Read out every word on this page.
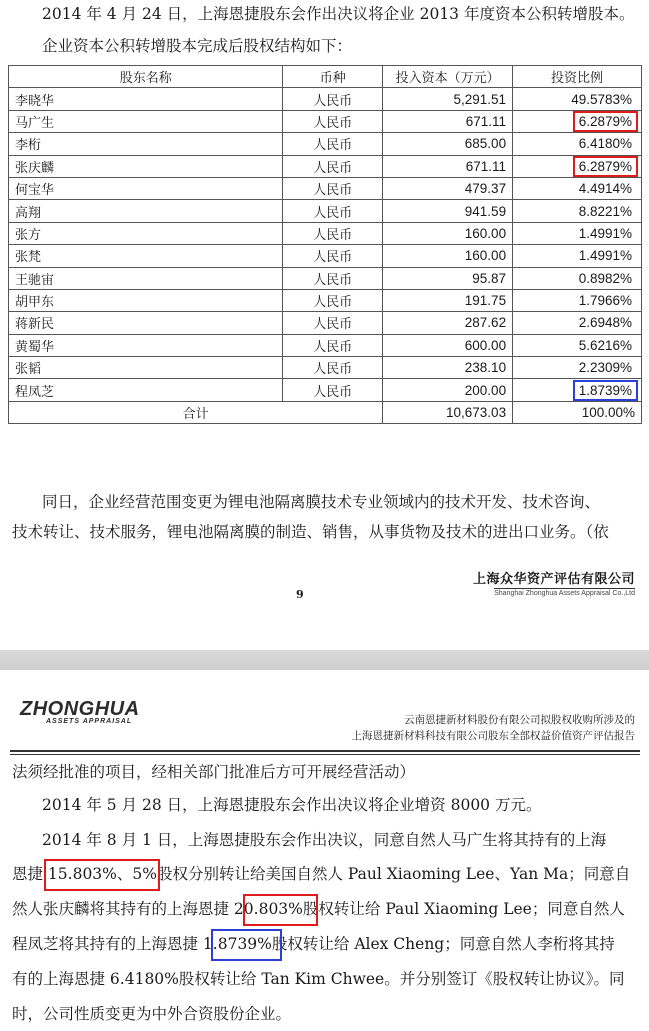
2014 年 4 月 24 日，上海恩捷股东会作出决议将企业 2013 年度资本公积转增股本。

企业资本公积转增股本完成后股权结构如下：

股东名称	币种	投入资本（万元）	投资比例
李晓华	人民币	5,291.51	49.5783%
马广生	人民币	671.11	6.2879%
李桁	人民币	685.00	6.4180%
张庆麟	人民币	671.11	6.2879%
何宝华	人民币	479.37	4.4914%
高翔	人民币	941.59	8.8221%
张方	人民币	160.00	1.4991%
张梵	人民币	160.00	1.4991%
王驰宙	人民币	95.87	0.8982%
胡甲东	人民币	191.75	1.7966%
蒋新民	人民币	287.62	2.6948%
黄蜀华	人民币	600.00	5.6216%
张韬	人民币	238.10	2.2309%
程凤芝	人民币	200.00	1.8739%
合计		10,673.03	100.00%

同日，企业经营范围变更为锂电池隔离膜技术专业领域内的技术开发、技术咨询、

技术转让、技术服务，锂电池隔离膜的制造、销售，从事货物及技术的进出口业务。（依

上海众华资产评估有限公司
Shanghai Zhonghua Assets Appraisal Co.,Ltd
9
ZHONGHUA
ASSETS APPRAISAL	云南恩捷新材料股份有限公司拟股权收购所涉及的
上海恩捷新材料科技有限公司股东全部权益价值资产评估报告

法须经批准的项目，经相关部门批准后方可开展经营活动）

2014 年 5 月 28 日，上海恩捷股东会作出决议将企业增资 8000 万元。

2014 年 8 月 1 日，上海恩捷股东会作出决议，同意自然人马广生将其持有的上海

恩捷 15.803%、5%股权分别转让给美国自然人 Paul Xiaoming Lee、Yan Ma；同意自

然人张庆麟将其持有的上海恩捷 20.803%股权转让给 Paul Xiaoming Lee；同意自然人

程凤芝将其持有的上海恩捷 1.8739%股权转让给 Alex Cheng；同意自然人李桁将其持

有的上海恩捷 6.4180%股权转让给 Tan Kim Chwee。并分别签订《股权转让协议》。同

时，公司性质变更为中外合资股份企业。
